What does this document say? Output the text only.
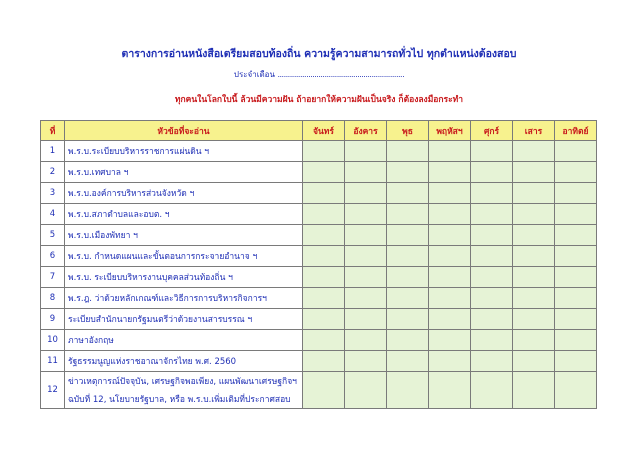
ตารางการอ่านหนังสือเตรียมสอบท้องถิ่น ความรู้ความสามารถทั่วไป ทุกตำแหน่งต้องสอบ
ประจำเดือน ..............................................................
ทุกคนในโลกใบนี้ ล้วนมีความฝัน ถ้าอยากให้ความฝันเป็นจริง ก็ต้องลงมือกระทำ
ที่	หัวข้อที่จะอ่าน	จันทร์	อังคาร	พุธ	พฤหัสฯ	ศุกร์	เสาร	อาทิตย์
1	พ.ร.บ.ระเบียบบริหารราชการแผ่นดิน ฯ							
2	พ.ร.บ.เทศบาล ฯ							
3	พ.ร.บ.องค์การบริหารส่วนจังหวัด ฯ							
4	พ.ร.บ.สภาตำบลและอบต. ฯ							
5	พ.ร.บ.เมืองพัทยา ฯ							
6	พ.ร.บ. กำหนดแผนและขั้นตอนการกระจายอำนาจ ฯ							
7	พ.ร.บ. ระเบียบบริหารงานบุคคลส่วนท้องถิ่น ฯ							
8	พ.ร.ฎ. ว่าด้วยหลักเกณฑ์และวิธีการการบริหารกิจการฯ							
9	ระเบียบสำนักนายกรัฐมนตรีว่าด้วยงานสารบรรณ ฯ							
10	ภาษาอังกฤษ							
11	รัฐธรรมนูญแห่งราชอาณาจักรไทย พ.ศ. 2560							
12	ข่าวเหตุการณ์ปัจจุบัน, เศรษฐกิจพอเพียง, แผนพัฒนาเศรษฐกิจฯ
ฉบับที่ 12, นโยบายรัฐบาล, หรือ พ.ร.บ.เพิ่มเติมที่ประกาศสอบ							
